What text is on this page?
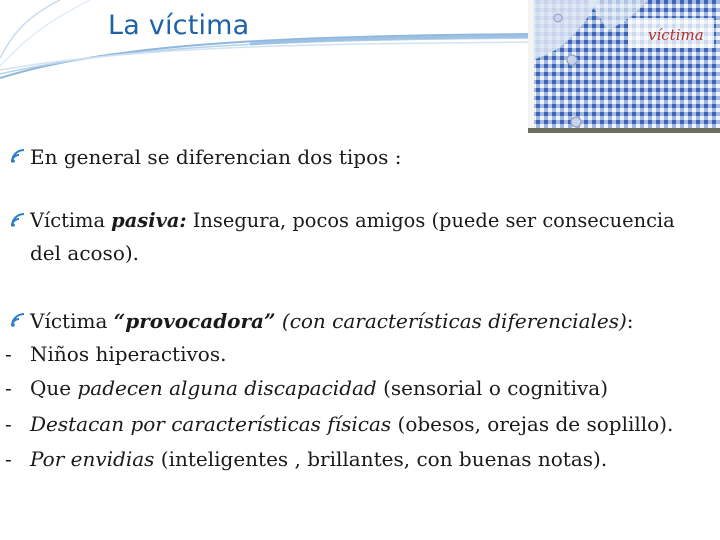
La víctima	víctima
En general se diferencian dos tipos :
Víctima pasiva: Insegura, pocos amigos (puede ser consecuencia
del acoso).
Víctima “provocadora” (con características diferenciales):
- Niños hiperactivos.
- Que padecen alguna discapacidad (sensorial o cognitiva)
- Destacan por características físicas (obesos, orejas de soplillo).
- Por envidias (inteligentes , brillantes, con buenas notas).
